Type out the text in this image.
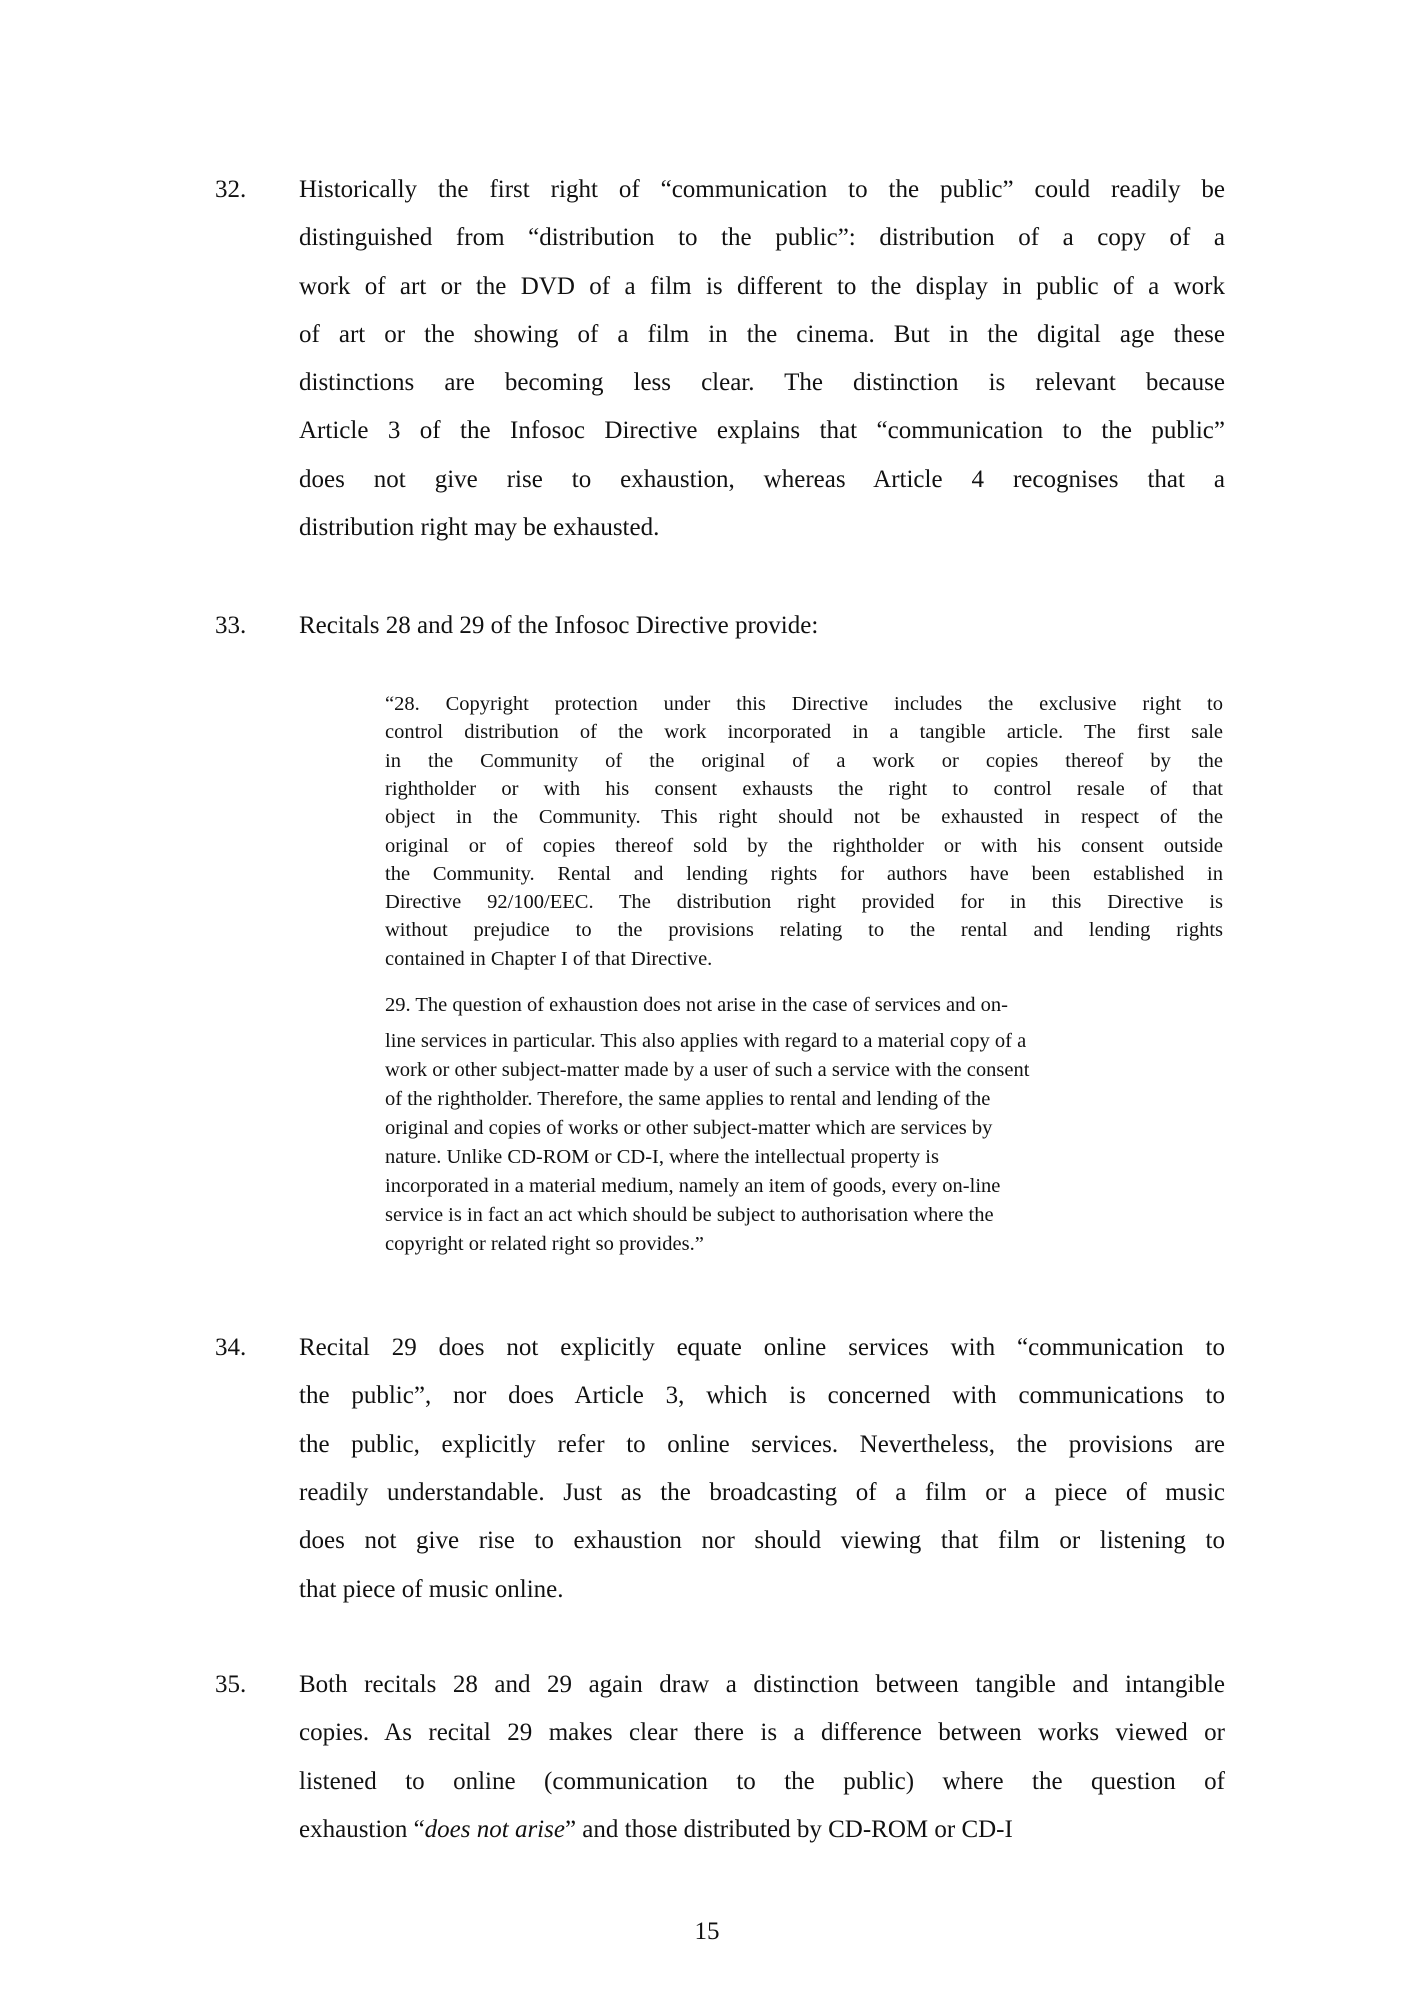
32. Historically the first right of “communication to the public” could readily be
distinguished from “distribution to the public”: distribution of a copy of a
work of art or the DVD of a film is different to the display in public of a work
of art or the showing of a film in the cinema. But in the digital age these
distinctions are becoming less clear. The distinction is relevant because
Article 3 of the Infosoc Directive explains that “communication to the public”
does not give rise to exhaustion, whereas Article 4 recognises that a
distribution right may be exhausted.
33. Recitals 28 and 29 of the Infosoc Directive provide:
“28. Copyright protection under this Directive includes the exclusive right to
control distribution of the work incorporated in a tangible article. The first sale
in the Community of the original of a work or copies thereof by the
rightholder or with his consent exhausts the right to control resale of that
object in the Community. This right should not be exhausted in respect of the
original or of copies thereof sold by the rightholder or with his consent outside
the Community. Rental and lending rights for authors have been established in
Directive 92/100/EEC. The distribution right provided for in this Directive is
without prejudice to the provisions relating to the rental and lending rights
contained in Chapter I of that Directive.
29. The question of exhaustion does not arise in the case of services and on-
line services in particular. This also applies with regard to a material copy of a
work or other subject-matter made by a user of such a service with the consent
of the rightholder. Therefore, the same applies to rental and lending of the
original and copies of works or other subject-matter which are services by
nature. Unlike CD-ROM or CD-I, where the intellectual property is
incorporated in a material medium, namely an item of goods, every on-line
service is in fact an act which should be subject to authorisation where the
copyright or related right so provides.”
34. Recital 29 does not explicitly equate online services with “communication to
the public”, nor does Article 3, which is concerned with communications to
the public, explicitly refer to online services. Nevertheless, the provisions are
readily understandable. Just as the broadcasting of a film or a piece of music
does not give rise to exhaustion nor should viewing that film or listening to
that piece of music online.
35. Both recitals 28 and 29 again draw a distinction between tangible and intangible
copies. As recital 29 makes clear there is a difference between works viewed or
listened to online (communication to the public) where the question of
exhaustion “does not arise” and those distributed by CD-ROM or CD-I
15
